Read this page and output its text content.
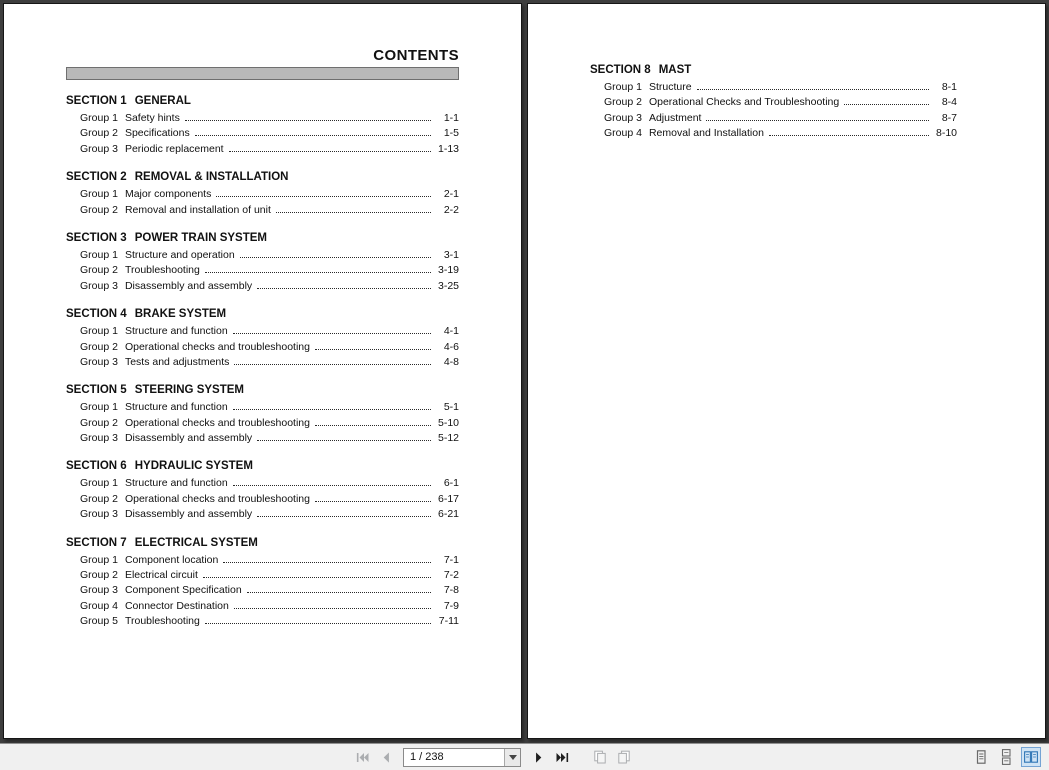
CONTENTS
SECTION 1 GENERAL
Group 1 Safety hints	1-1
Group 2 Specifications	1-5
Group 3 Periodic replacement	1-13
SECTION 2 REMOVAL & INSTALLATION
Group 1 Major components	2-1
Group 2 Removal and installation of unit	2-2
SECTION 3 POWER TRAIN SYSTEM
Group 1 Structure and operation	3-1
Group 2 Troubleshooting	3-19
Group 3 Disassembly and assembly	3-25
SECTION 4 BRAKE SYSTEM
Group 1 Structure and function	4-1
Group 2 Operational checks and troubleshooting	4-6
Group 3 Tests and adjustments	4-8
SECTION 5 STEERING SYSTEM
Group 1 Structure and function	5-1
Group 2 Operational checks and troubleshooting	5-10
Group 3 Disassembly and assembly	5-12
SECTION 6 HYDRAULIC SYSTEM
Group 1 Structure and function	6-1
Group 2 Operational checks and troubleshooting	6-17
Group 3 Disassembly and assembly	6-21
SECTION 7 ELECTRICAL SYSTEM
Group 1 Component location	7-1
Group 2 Electrical circuit	7-2
Group 3 Component Specification	7-8
Group 4 Connector Destination	7-9
Group 5 Troubleshooting	7-11
SECTION 8 MAST
Group 1 Structure	8-1
Group 2 Operational Checks and Troubleshooting	8-4
Group 3 Adjustment	8-7
Group 4 Removal and Installation	8-10
1 / 238
